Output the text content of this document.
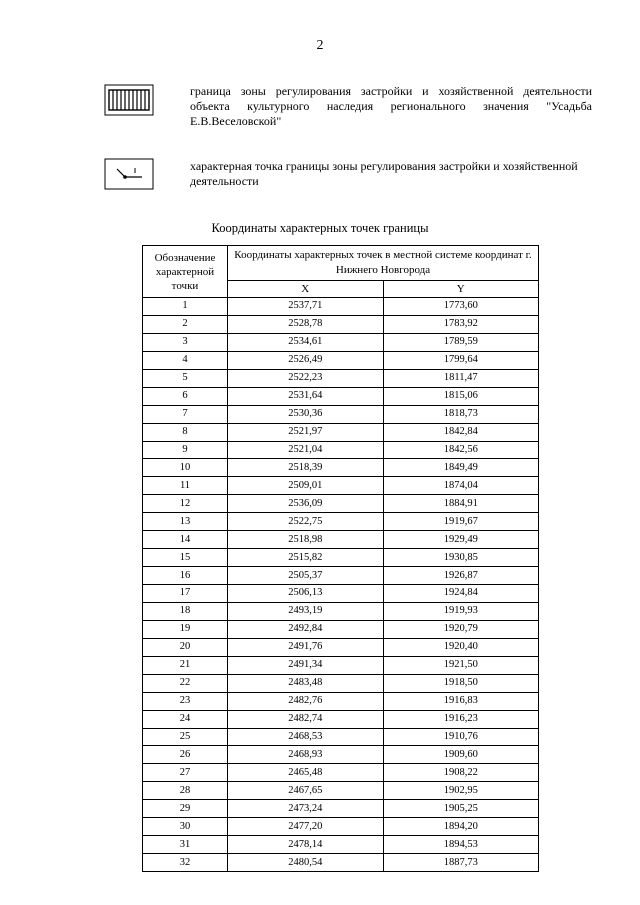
2
граница зоны регулирования застройки и хозяйственной деятельности объекта культурного наследия регионального значения "Усадьба Е.В.Веселовской"
характерная точка границы зоны регулирования застройки и хозяйственной деятельности
Координаты характерных точек границы
Обозначение характерной точки	Координаты характерных точек в местной системе координат г. Нижнего Новгорода	
	X	Y
1	2537,71	1773,60
2	2528,78	1783,92
3	2534,61	1789,59
4	2526,49	1799,64
5	2522,23	1811,47
6	2531,64	1815,06
7	2530,36	1818,73
8	2521,97	1842,84
9	2521,04	1842,56
10	2518,39	1849,49
11	2509,01	1874,04
12	2536,09	1884,91
13	2522,75	1919,67
14	2518,98	1929,49
15	2515,82	1930,85
16	2505,37	1926,87
17	2506,13	1924,84
18	2493,19	1919,93
19	2492,84	1920,79
20	2491,76	1920,40
21	2491,34	1921,50
22	2483,48	1918,50
23	2482,76	1916,83
24	2482,74	1916,23
25	2468,53	1910,76
26	2468,93	1909,60
27	2465,48	1908,22
28	2467,65	1902,95
29	2473,24	1905,25
30	2477,20	1894,20
31	2478,14	1894,53
32	2480,54	1887,73
